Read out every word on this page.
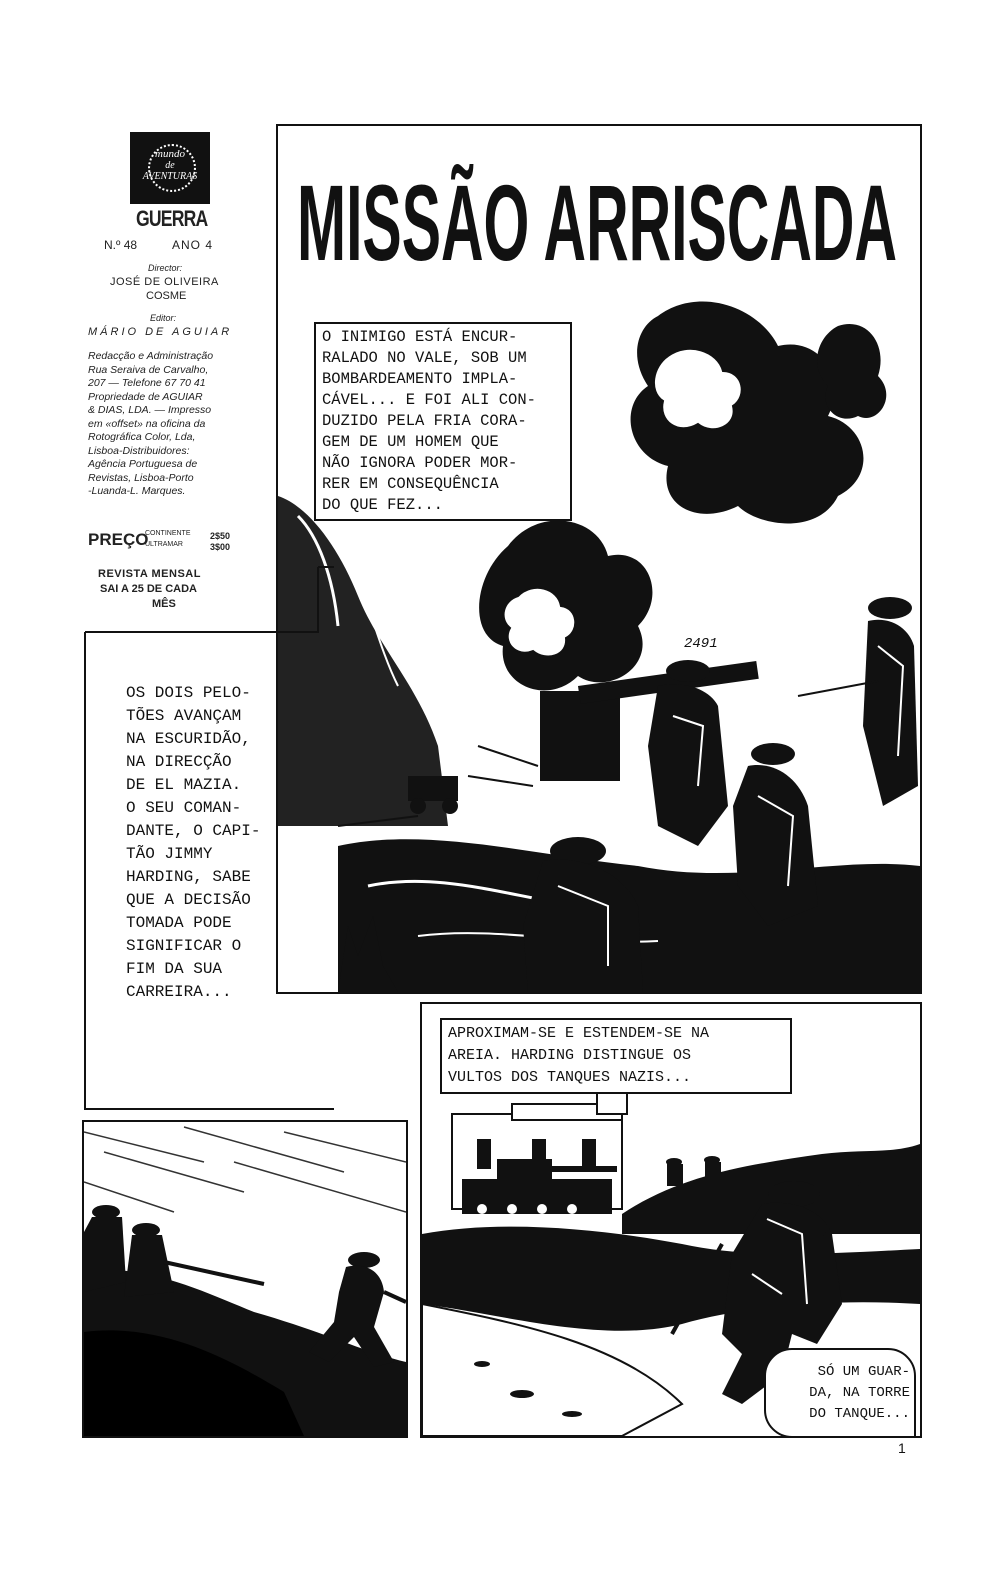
mundo
de
AVENTURAS
GUERRA
N.º 48	ANO 4
Director:
JOSÉ DE OLIVEIRA
COSME
Editor:
MÁRIO DE AGUIAR
Redacção e Administração
Rua Seraiva de Carvalho,
207 — Telefone 67 70 41
Propriedade de AGUIAR
& DIAS, LDA. — Impresso
em «offset» na oficina da
Rotográfica Color, Lda,
Lisboa-Distribuidores:
Agência Portuguesa de
Revistas, Lisboa-Porto
-Luanda-L. Marques.
PREÇO
CONTINENTE 2$50
ULTRAMAR	3$00
REVISTA MENSAL
SAI A 25 DE CADA
MÊS
MISSÃO ARRISCADA
2491
O INIMIGO ESTÁ ENCUR-
RALADO NO VALE, SOB UM
BOMBARDEAMENTO IMPLA-
CÁVEL... E FOI ALI CON-
DUZIDO PELA FRIA CORA-
GEM DE UM HOMEM QUE
NÃO IGNORA PODER MOR-
RER EM CONSEQUÊNCIA
DO QUE FEZ...
OS DOIS PELO-
TÕES AVANÇAM
NA ESCURIDÃO,
NA DIRECÇÃO
DE EL MAZIA.
O SEU COMAN-
DANTE, O CAPI-
TÃO JIMMY
HARDING, SABE
QUE A DECISÃO
TOMADA PODE
SIGNIFICAR O
FIM DA SUA
CARREIRA...
APROXIMAM-SE E ESTENDEM-SE NA
AREIA. HARDING DISTINGUE OS
VULTOS DOS TANQUES NAZIS...
SÓ UM GUAR-
DA, NA TORRE
DO TANQUE...
1
